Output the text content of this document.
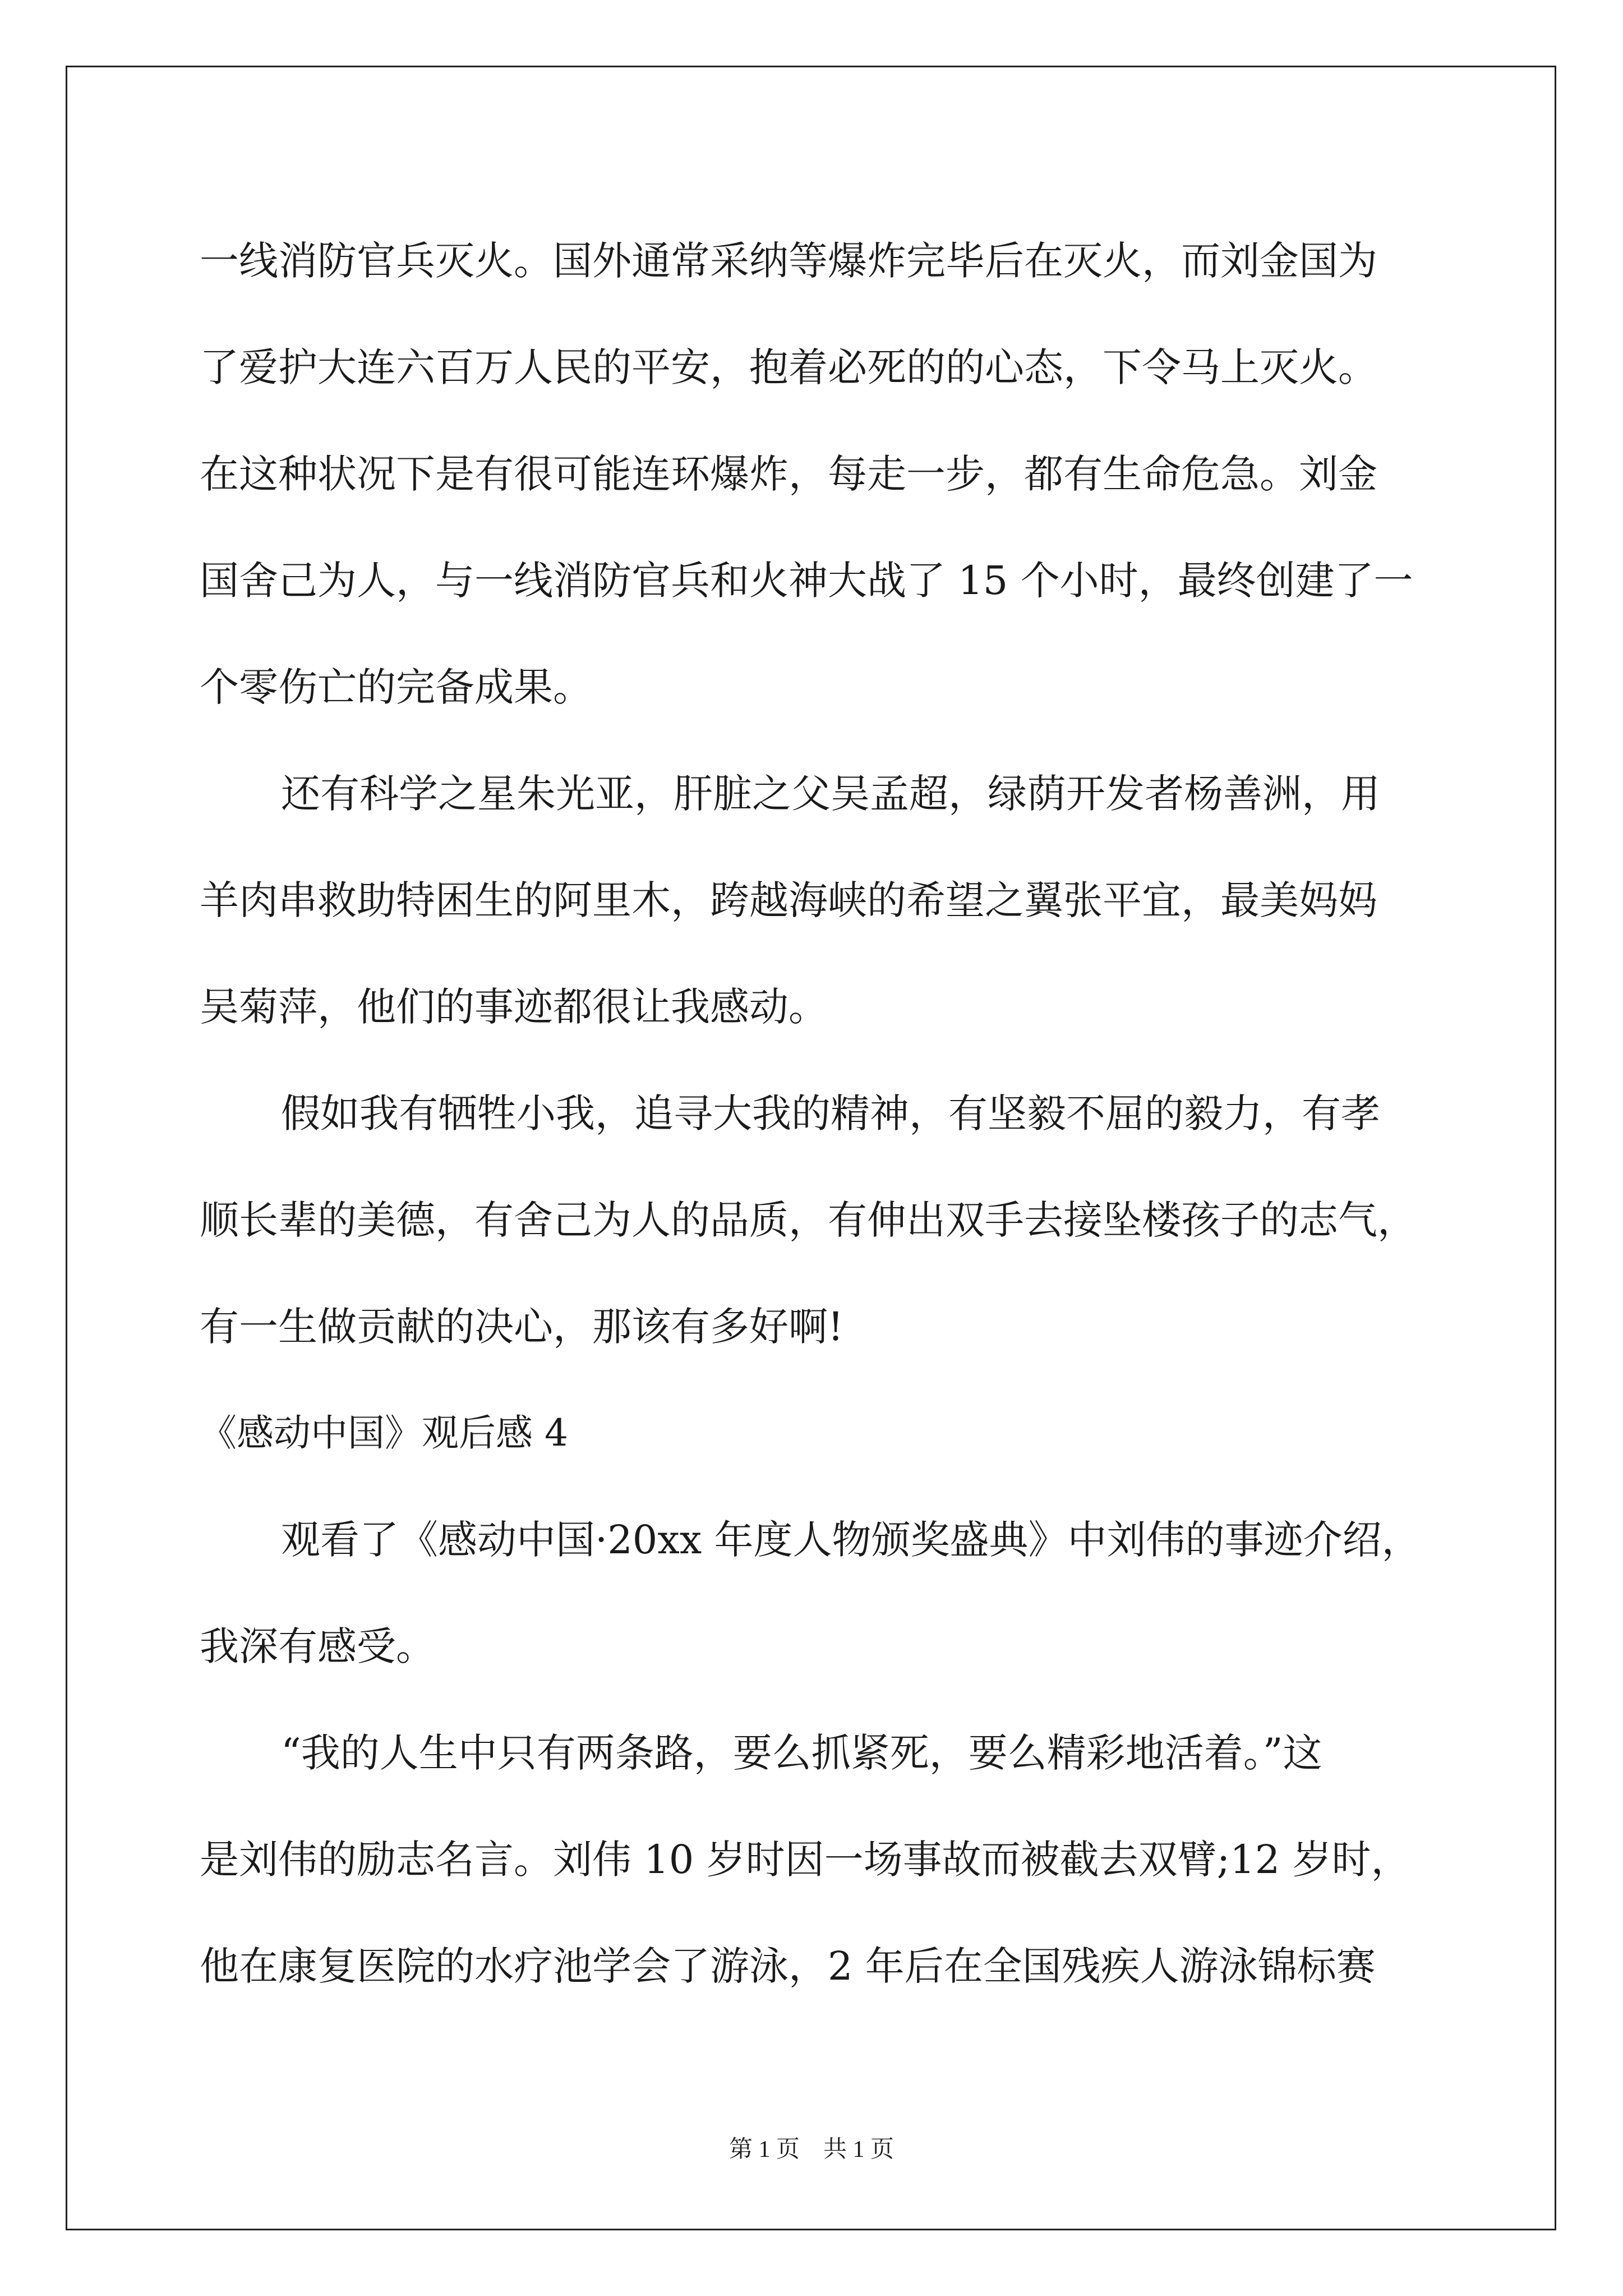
一线消防官兵灭火。国外通常采纳等爆炸完毕后在灭火，而刘金国为
了爱护大连六百万人民的平安，抱着必死的的心态，下令马上灭火。
在这种状况下是有很可能连环爆炸，每走一步，都有生命危急。刘金
国舍己为人，与一线消防官兵和火神大战了 15 个小时，最终创建了一
个零伤亡的完备成果。
还有科学之星朱光亚，肝脏之父吴孟超，绿荫开发者杨善洲，用
羊肉串救助特困生的阿里木，跨越海峡的希望之翼张平宜，最美妈妈
吴菊萍，他们的事迹都很让我感动。
假如我有牺牲小我，追寻大我的精神，有坚毅不屈的毅力，有孝
顺长辈的美德，有舍己为人的品质，有伸出双手去接坠楼孩子的志气，
有一生做贡献的决心，那该有多好啊!
《感动中国》观后感 4
观看了《感动中国·20xx 年度人物颁奖盛典》中刘伟的事迹介绍，
我深有感受。
“我的人生中只有两条路，要么抓紧死，要么精彩地活着。”这
是刘伟的励志名言。刘伟 10 岁时因一场事故而被截去双臂;12 岁时，
他在康复医院的水疗池学会了游泳，2 年后在全国残疾人游泳锦标赛
第 1 页　共 1 页
